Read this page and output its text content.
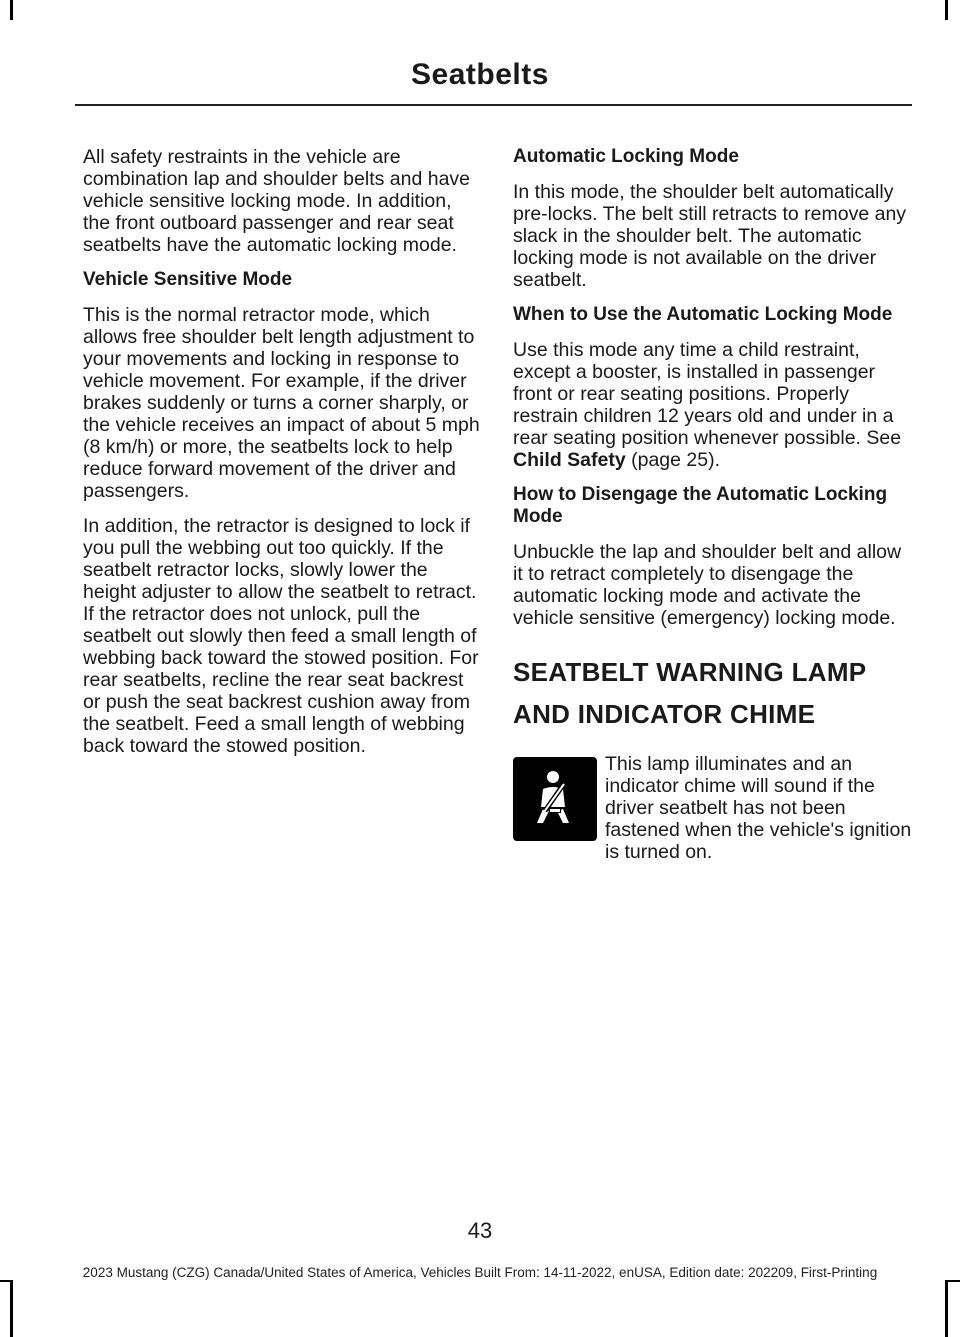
Seatbelts

All safety restraints in the vehicle are combination lap and shoulder belts and have vehicle sensitive locking mode. In addition, the front outboard passenger and rear seat seatbelts have the automatic locking mode.

Vehicle Sensitive Mode

This is the normal retractor mode, which allows free shoulder belt length adjustment to your movements and locking in response to vehicle movement. For example, if the driver brakes suddenly or turns a corner sharply, or the vehicle receives an impact of about 5 mph (8 km/h) or more, the seatbelts lock to help reduce forward movement of the driver and passengers.

In addition, the retractor is designed to lock if you pull the webbing out too quickly. If the seatbelt retractor locks, slowly lower the height adjuster to allow the seatbelt to retract. If the retractor does not unlock, pull the seatbelt out slowly then feed a small length of webbing back toward the stowed position. For rear seatbelts, recline the rear seat backrest or push the seat backrest cushion away from the seatbelt. Feed a small length of webbing back toward the stowed position.

Automatic Locking Mode

In this mode, the shoulder belt automatically pre-locks. The belt still retracts to remove any slack in the shoulder belt. The automatic locking mode is not available on the driver seatbelt.

When to Use the Automatic Locking Mode

Use this mode any time a child restraint, except a booster, is installed in passenger front or rear seating positions. Properly restrain children 12 years old and under in a rear seating position whenever possible. See Child Safety (page 25).

How to Disengage the Automatic Locking Mode

Unbuckle the lap and shoulder belt and allow it to retract completely to disengage the automatic locking mode and activate the vehicle sensitive (emergency) locking mode.

SEATBELT WARNING LAMP AND INDICATOR CHIME

This lamp illuminates and an indicator chime will sound if the driver seatbelt has not been fastened when the vehicle's ignition is turned on.

43
2023 Mustang (CZG) Canada/United States of America, Vehicles Built From: 14-11-2022, enUSA, Edition date: 202209, First-Printing
